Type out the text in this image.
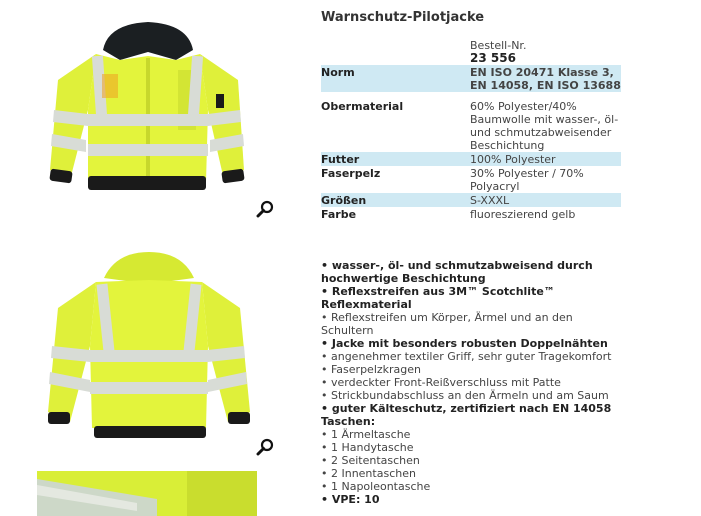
Warnschutz-Pilotjacke

	Bestell-Nr.
23 556

Norm	EN ISO 20471 Klasse 3, EN 14058, EN ISO 13688
Obermaterial	60% Polyester/40% Baumwolle mit wasser-, öl- und schmutzabweisender Beschichtung
Futter	100% Polyester
Faserpelz	30% Polyester / 70% Polyacryl
Größen	S-XXXL
Farbe	fluoreszierend gelb
• wasser-, öl- und schmutzabweisend durch hochwertige Beschichtung
• Reflexstreifen aus 3M™ Scotchlite™ Reflexmaterial
• Reflexstreifen um Körper, Ärmel und an den Schultern
• Jacke mit besonders robusten Doppelnähten
• angenehmer textiler Griff, sehr guter Tragekomfort
• Faserpelzkragen
• verdeckter Front-Reißverschluss mit Patte
• Strickbundabschluss an den Ärmeln und am Saum
• guter Kälteschutz, zertifiziert nach EN 14058
Taschen:
• 1 Ärmeltasche
• 1 Handytasche
• 2 Seitentaschen
• 2 Innentaschen
• 1 Napoleontasche
• VPE: 10
